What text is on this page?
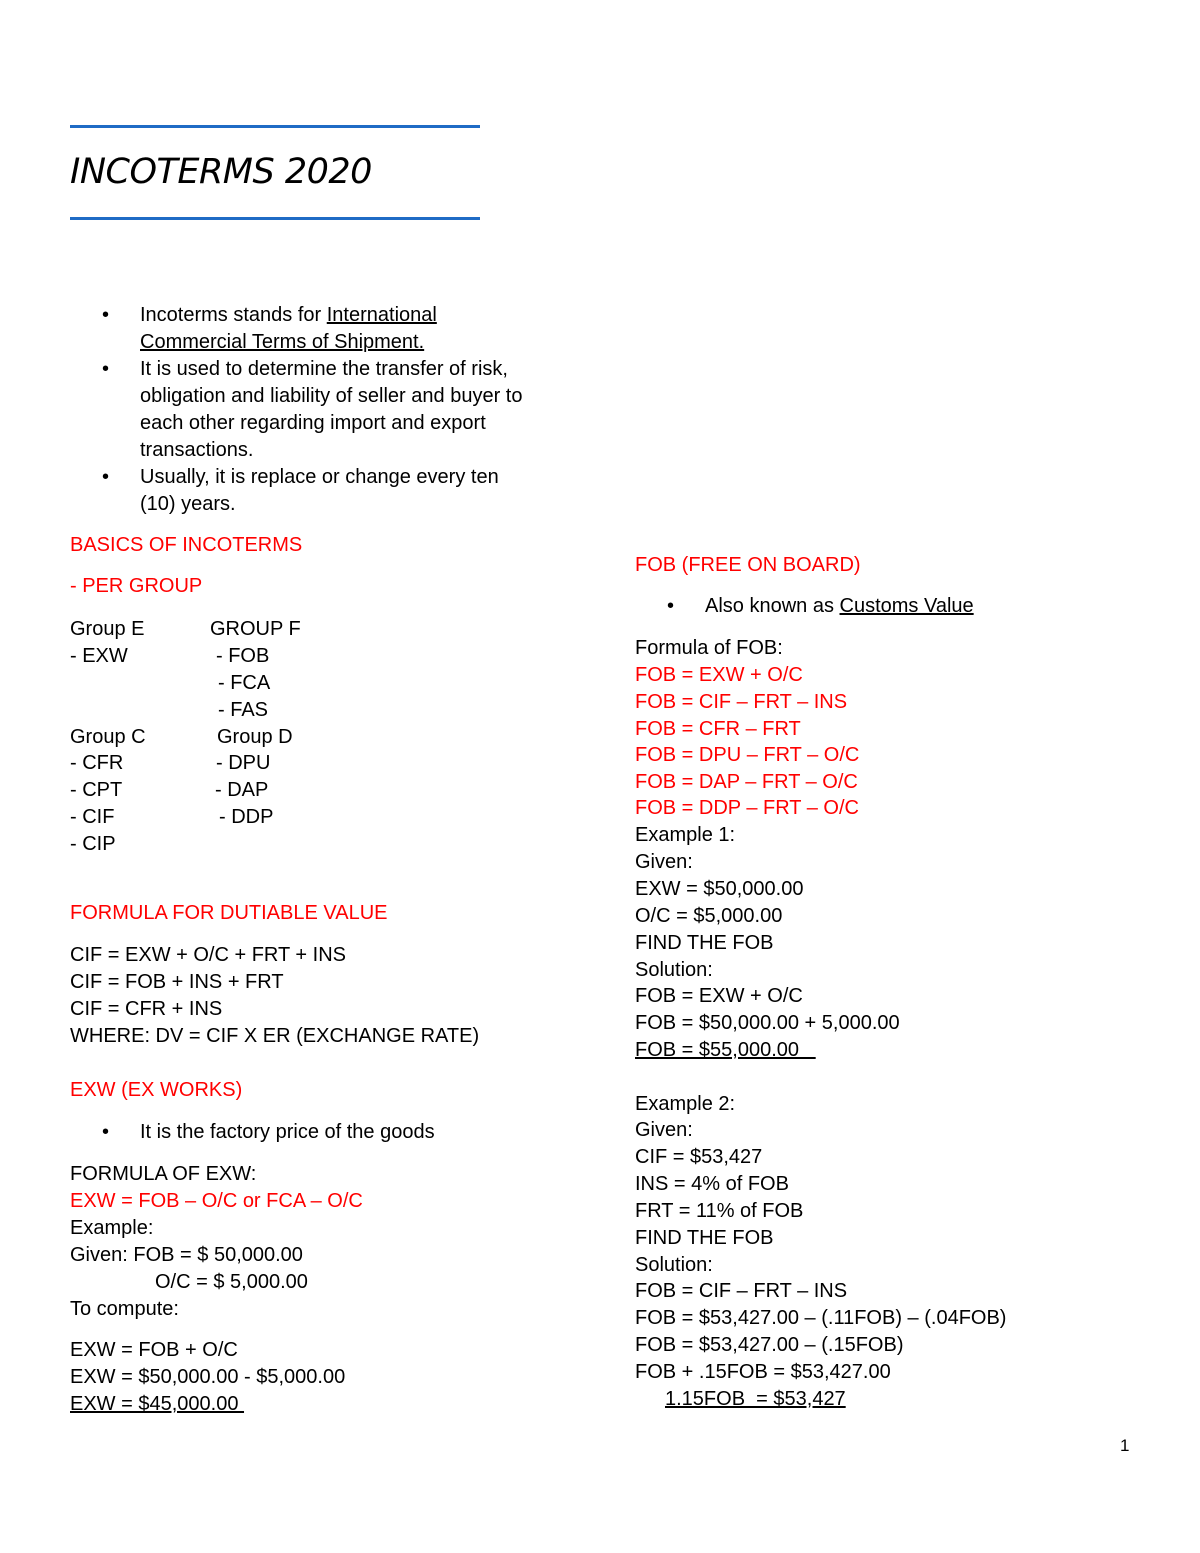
INCOTERMS 2020
• Incoterms stands for International
Commercial Terms of Shipment.
• It is used to determine the transfer of risk,
obligation and liability of seller and buyer to
each other regarding import and export
transactions.
• Usually, it is replace or change every ten
(10) years.
BASICS OF INCOTERMS
- PER GROUP
Group E
- EXW
GROUP F
- FOB
- FCA
- FAS
Group C
- CFR
- CPT
- CIF
- CIP
Group D
- DPU
- DAP
- DDP
FORMULA FOR DUTIABLE VALUE
CIF = EXW + O/C + FRT + INS
CIF = FOB + INS + FRT
CIF = CFR + INS
WHERE: DV = CIF X ER (EXCHANGE RATE)
EXW (EX WORKS)
• It is the factory price of the goods
FORMULA OF EXW:
EXW = FOB – O/C or FCA – O/C
Example:
Given: FOB = $ 50,000.00
O/C = $ 5,000.00
To compute:
EXW = FOB + O/C
EXW = $50,000.00 - $5,000.00
EXW = $45,000.00
FOB (FREE ON BOARD)
• Also known as Customs Value
Formula of FOB:
FOB = EXW + O/C
FOB = CIF – FRT – INS
FOB = CFR – FRT
FOB = DPU – FRT – O/C
FOB = DAP – FRT – O/C
FOB = DDP – FRT – O/C
Example 1:
Given:
EXW = $50,000.00
O/C = $5,000.00
FIND THE FOB
Solution:
FOB = EXW + O/C
FOB = $50,000.00 + 5,000.00
FOB = $55,000.00
Example 2:
Given:
CIF = $53,427
INS = 4% of FOB
FRT = 11% of FOB
FIND THE FOB
Solution:
FOB = CIF – FRT – INS
FOB = $53,427.00 – (.11FOB) – (.04FOB)
FOB = $53,427.00 – (.15FOB)
FOB + .15FOB = $53,427.00
1.15FOB  = $53,427
1
